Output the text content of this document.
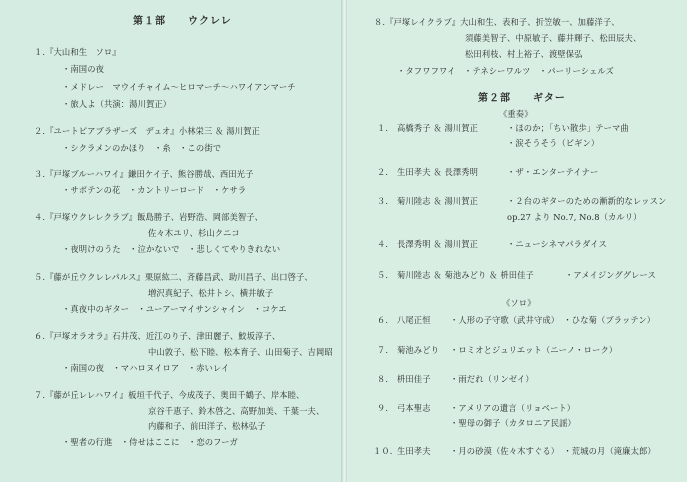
第１部　　ウクレレ
１.『大山和生　ソロ』
・南国の夜
・メドレー　マウイチャイム～ヒロマーチ～ハワイアンマーチ
・旅人よ（共演：湯川賀正）
２.『ユートピアブラザーズ　デュオ』小林栄三 ＆ 湯川賀正
・シクラメンのかほり　・糸　・この街で
３.『戸塚ブルーハワイ』鎌田ケイ子、熊谷勝哉、西田光子
・サボテンの花　・カントリーロード　・ケサラ
４.『戸塚ウクレレクラブ』飯島勝子、岩野浩、岡部美智子、
佐々木ユリ、杉山クニコ
・夜明けのうた　・泣かないで　・悲しくてやりきれない
５.『藤が丘ウクレレパルス』栗原紘二、斉藤昌武、助川昌子、出口啓子、
増沢真紀子、松井トシ、横井敏子
・真夜中のギター　・ユーアーマイサンシャイン　・コケエ
６.『戸塚オラオラ』石井茂、近江のり子、津田麗子、鮫坂淳子、
中山敦子、松下睦、松本育子、山田菊子、吉岡昭
・南国の夜　・マハロヌイロア　・赤いレイ
７.『藤が丘レレハワイ』板垣千代子、今成茂子、奥田千鶴子、岸本睦、
京谷千恵子、鈴木啓之、高野加美、千葉一夫、
内藤和子、前田洋子、松林弘子
・聖者の行進　・侍せはここに　・恋のフーガ
８.『戸塚レイクラブ』大山和生、表和子、折笠敏一、加藤洋子、
須藤美智子、中原敏子、藤井輝子、松田辰夫、
松田利枝、村上裕子、渡壁保弘
・タフワフワイ　・テネシーワルツ　・パーリーシェルズ
第２部　　ギター
《重奏》
１. 高橋秀子 ＆ 湯川賀正	・ほのか；「ちい散歩」テーマ曲
・涙そうそう（ビギン）
２. 生田孝夫 ＆ 長澤秀明	・ザ・エンターテイナー
３. 菊川陸志 ＆ 湯川賀正	・２台のギターのための漸新的なレッスン
op.27 より No.7, No.8（カルリ）
４. 長澤秀明 ＆ 湯川賀正	・ニューシネマパラダイス
５. 菊川陸志 ＆ 菊池みどり ＆ 枡田佳子	・アメイジンググレース
《ソロ》
６. 八尾正恒 ・人形の子守歌（武井守成）　・ひな菊（ブラッテン）
７. 菊池みどり ・ロミオとジュリエット（ニーノ・ローク）
８. 枡田佳子 ・雨だれ（リンゼイ）
９. 弓本聖志 ・アメリアの遺言（リョベート）
・聖母の御子（カタロニア民謡）
１０. 生田孝夫 ・月の砂漠（佐々木すぐる）　・荒城の月（滝廉太郎）
